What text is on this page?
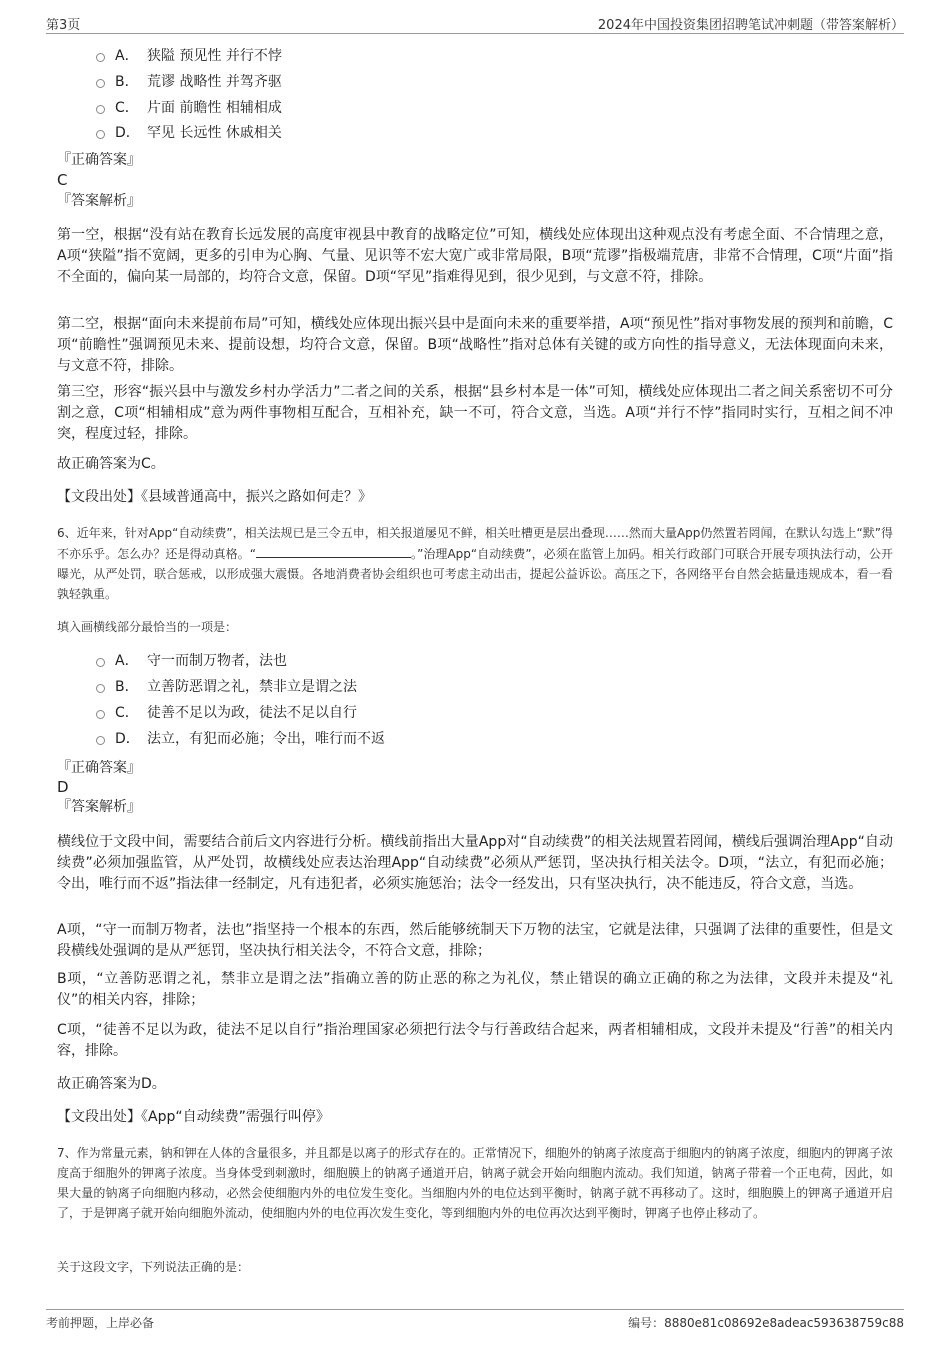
第3页	2024年中国投资集团招聘笔试冲刺题（带答案解析）
A． 狭隘 预见性 并行不悖
B． 荒谬 战略性 并驾齐驱
C． 片面 前瞻性 相辅相成
D． 罕见 长远性 休戚相关
『正确答案』
C
『答案解析』

第一空，根据“没有站在教育长远发展的高度审视县中教育的战略定位”可知，横线处应体现出这种观点没有考虑全面、不合情理之意，A项“狭隘”指不宽阔，更多的引申为心胸、气量、见识等不宏大宽广或非常局限，B项“荒谬”指极端荒唐，非常不合情理，C项“片面”指不全面的，偏向某一局部的，均符合文意，保留。D项“罕见”指难得见到，很少见到，与文意不符，排除。

第二空，根据“面向未来提前布局”可知，横线处应体现出振兴县中是面向未来的重要举措，A项“预见性”指对事物发展的预判和前瞻，C项“前瞻性”强调预见未来、提前设想，均符合文意，保留。B项“战略性”指对总体有关键的或方向性的指导意义，无法体现面向未来，与文意不符，排除。

第三空，形容“振兴县中与激发乡村办学活力”二者之间的关系，根据“县乡村本是一体”可知，横线处应体现出二者之间关系密切不可分割之意，C项“相辅相成”意为两件事物相互配合，互相补充，缺一不可，符合文意，当选。A项“并行不悖”指同时实行，互相之间不冲突，程度过轻，排除。

故正确答案为C。

【文段出处】《县域普通高中，振兴之路如何走？》

6、近年来，针对App“自动续费”，相关法规已是三令五申，相关报道屡见不鲜，相关吐槽更是层出叠现……然而大量App仍然置若罔闻，在默认勾选上“默”得不亦乐乎。怎么办？还是得动真格。“	。”治理App“自动续费”，必须在监管上加码。相关行政部门可联合开展专项执法行动，公开曝光，从严处罚，联合惩戒，以形成强大震慑。各地消费者协会组织也可考虑主动出击，提起公益诉讼。高压之下，各网络平台自然会掂量违规成本，看一看孰轻孰重。

填入画横线部分最恰当的一项是：
A． 守一而制万物者，法也
B． 立善防恶谓之礼，禁非立是谓之法
C． 徒善不足以为政，徒法不足以自行
D． 法立，有犯而必施；令出，唯行而不返
『正确答案』
D
『答案解析』

横线位于文段中间，需要结合前后文内容进行分析。横线前指出大量App对“自动续费”的相关法规置若罔闻，横线后强调治理App“自动续费”必须加强监管，从严处罚，故横线处应表达治理App“自动续费”必须从严惩罚，坚决执行相关法令。D项，“法立，有犯而必施；令出，唯行而不返”指法律一经制定，凡有违犯者，必须实施惩治；法令一经发出，只有坚决执行，决不能违反，符合文意，当选。

A项，“守一而制万物者，法也”指坚持一个根本的东西，然后能够统制天下万物的法宝，它就是法律，只强调了法律的重要性，但是文段横线处强调的是从严惩罚，坚决执行相关法令，不符合文意，排除；

B项，“立善防恶谓之礼，禁非立是谓之法”指确立善的防止恶的称之为礼仪，禁止错误的确立正确的称之为法律，文段并未提及“礼仪”的相关内容，排除；

C项，“徒善不足以为政，徒法不足以自行”指治理国家必须把行法令与行善政结合起来，两者相辅相成，文段并未提及“行善”的相关内容，排除。

故正确答案为D。

【文段出处】《App“自动续费”需强行叫停》

7、作为常量元素，钠和钾在人体的含量很多，并且都是以离子的形式存在的。正常情况下，细胞外的钠离子浓度高于细胞内的钠离子浓度，细胞内的钾离子浓度高于细胞外的钾离子浓度。当身体受到刺激时，细胞膜上的钠离子通道开启，钠离子就会开始向细胞内流动。我们知道，钠离子带着一个正电荷，因此，如果大量的钠离子向细胞内移动，必然会使细胞内外的电位发生变化。当细胞内外的电位达到平衡时，钠离子就不再移动了。这时，细胞膜上的钾离子通道开启了，于是钾离子就开始向细胞外流动，使细胞内外的电位再次发生变化，等到细胞内外的电位再次达到平衡时，钾离子也停止移动了。

关于这段文字，下列说法正确的是：
考前押题，上岸必备	编号：8880e81c08692e8adeac593638759c88
